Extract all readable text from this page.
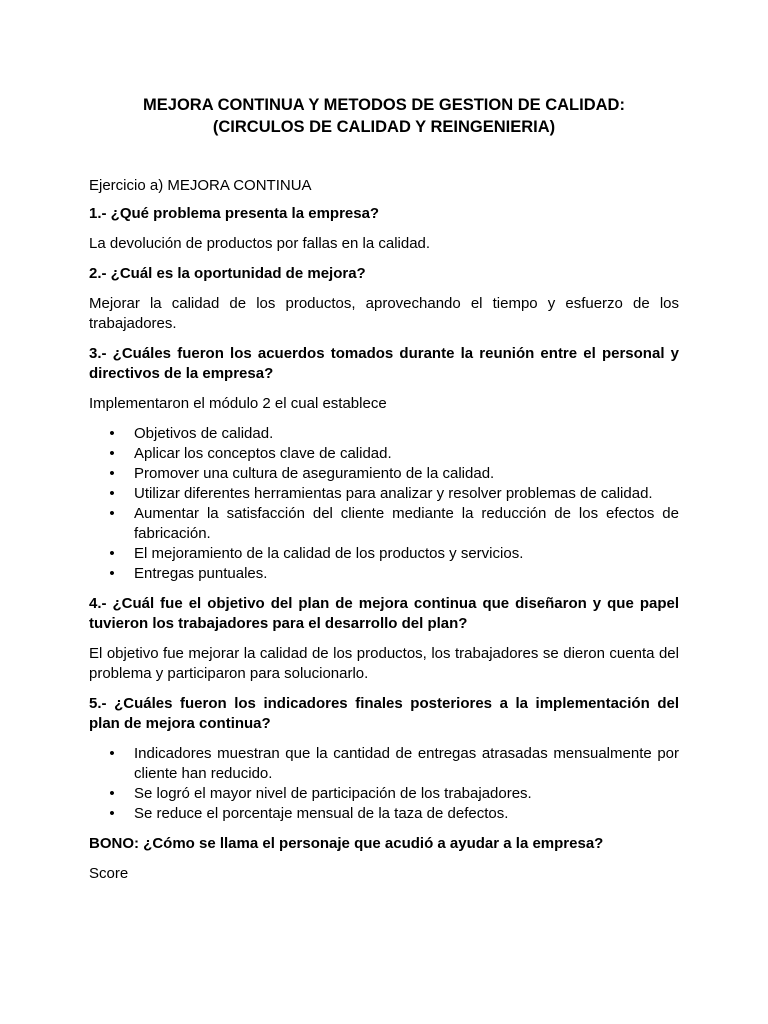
MEJORA CONTINUA Y METODOS DE GESTION DE CALIDAD:
(CIRCULOS DE CALIDAD Y REINGENIERIA)

Ejercicio a) MEJORA CONTINUA

1.- ¿Qué problema presenta la empresa?

La devolución de productos por fallas en la calidad.

2.- ¿Cuál es la oportunidad de mejora?

Mejorar la calidad de los productos, aprovechando el tiempo y esfuerzo de los trabajadores.

3.- ¿Cuáles fueron los acuerdos tomados durante la reunión entre el personal y directivos de la empresa?

Implementaron el módulo 2 el cual establece

• Objetivos de calidad.
• Aplicar los conceptos clave de calidad.
• Promover una cultura de aseguramiento de la calidad.
• Utilizar diferentes herramientas para analizar y resolver problemas de calidad.
• Aumentar la satisfacción del cliente mediante la reducción de los efectos de fabricación.
• El mejoramiento de la calidad de los productos y servicios.
• Entregas puntuales.

4.- ¿Cuál fue el objetivo del plan de mejora continua que diseñaron y que papel tuvieron los trabajadores para el desarrollo del plan?

El objetivo fue mejorar la calidad de los productos, los trabajadores se dieron cuenta del problema y participaron para solucionarlo.

5.- ¿Cuáles fueron los indicadores finales posteriores a la implementación del plan de mejora continua?

• Indicadores muestran que la cantidad de entregas atrasadas mensualmente por cliente han reducido.
• Se logró el mayor nivel de participación de los trabajadores.
• Se reduce el porcentaje mensual de la taza de defectos.

BONO: ¿Cómo se llama el personaje que acudió a ayudar a la empresa?

Score
